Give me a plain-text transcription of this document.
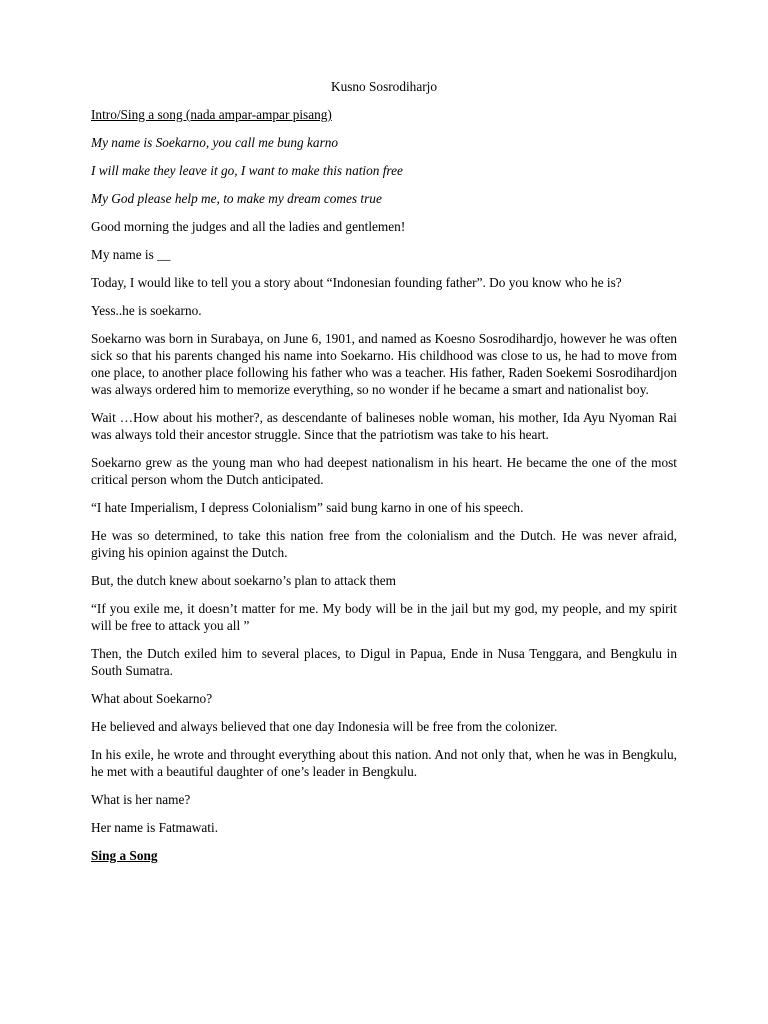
Kusno Sosrodiharjo

Intro/Sing a song (nada ampar-ampar pisang)

My name is Soekarno, you call me bung karno

I will make they leave it go, I want to make this nation free

My God please help me, to make my dream comes true

Good morning the judges and all the ladies and gentlemen!

My name is __

Today, I would like to tell you a story about “Indonesian founding father”. Do you know who he is?

Yess..he is soekarno.

Soekarno was born in Surabaya, on June 6, 1901, and named as Koesno Sosrodihardjo, however he was often sick so that his parents changed his name into Soekarno. His childhood was close to us, he had to move from one place, to another place following his father who was a teacher. His father, Raden Soekemi Sosrodihardjon was always ordered him to memorize everything, so no wonder if he became a smart and nationalist boy.

Wait …How about his mother?, as descendante of balineses noble woman, his mother, Ida Ayu Nyoman Rai was always told their ancestor struggle. Since that the patriotism was take to his heart.

Soekarno grew as the young man who had deepest nationalism in his heart. He became the one of the most critical person whom the Dutch anticipated.

“I hate Imperialism, I depress Colonialism” said bung karno in one of his speech.

He was so determined, to take this nation free from the colonialism and the Dutch. He was never afraid, giving his opinion against the Dutch.

But, the dutch knew about soekarno’s plan to attack them

“If you exile me, it doesn’t matter for me. My body will be in the jail but my god, my people, and my spirit will be free to attack you all ”

Then, the Dutch exiled him to several places, to Digul in Papua, Ende in Nusa Tenggara, and Bengkulu in South Sumatra.

What about Soekarno?

He believed and always believed that one day Indonesia will be free from the colonizer.

In his exile, he wrote and throught everything about this nation. And not only that, when he was in Bengkulu, he met with a beautiful daughter of one’s leader in Bengkulu.

What is her name?

Her name is Fatmawati.

Sing a Song
